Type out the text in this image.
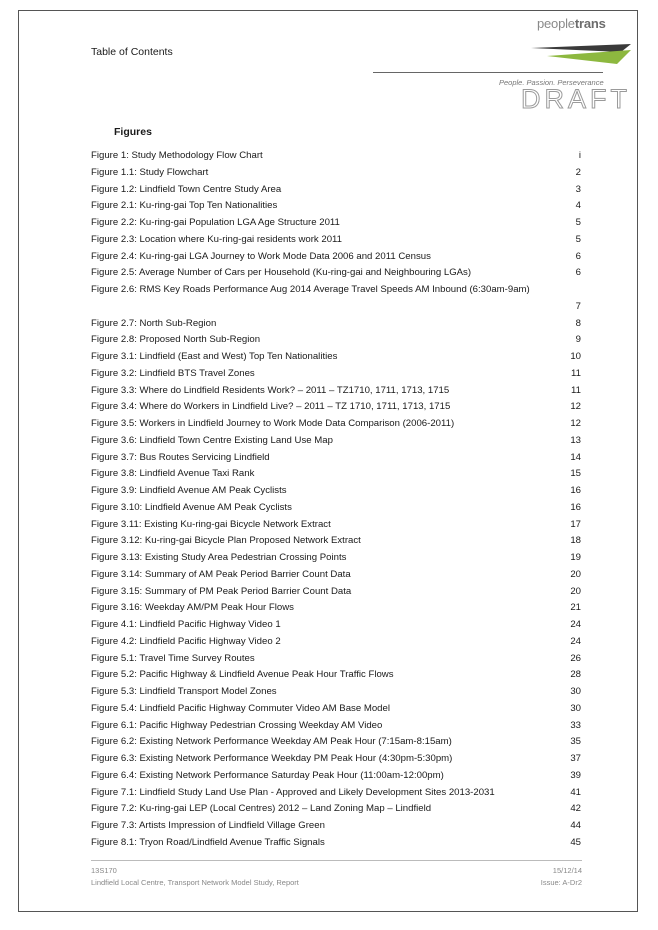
Table of Contents
peopletrans
People. Passion. Perseverance
DRAFT
Figures
Figure 1: Study Methodology Flow Chart	i
Figure 1.1: Study Flowchart	2
Figure 1.2: Lindfield Town Centre Study Area	3
Figure 2.1: Ku-ring-gai Top Ten Nationalities	4
Figure 2.2: Ku-ring-gai Population LGA Age Structure 2011	5
Figure 2.3: Location where Ku-ring-gai residents work 2011	5
Figure 2.4: Ku-ring-gai LGA Journey to Work Mode Data 2006 and 2011 Census	6
Figure 2.5: Average Number of Cars per Household (Ku-ring-gai and Neighbouring LGAs)	6
Figure 2.6: RMS Key Roads Performance Aug 2014 Average Travel Speeds AM Inbound (6:30am-9am)
7
Figure 2.7: North Sub-Region	8
Figure 2.8: Proposed North Sub-Region	9
Figure 3.1: Lindfield (East and West) Top Ten Nationalities	10
Figure 3.2: Lindfield BTS Travel Zones	11
Figure 3.3: Where do Lindfield Residents Work? – 2011 – TZ1710, 1711, 1713, 1715	11
Figure 3.4: Where do Workers in Lindfield Live? – 2011 – TZ 1710, 1711, 1713, 1715	12
Figure 3.5: Workers in Lindfield Journey to Work Mode Data Comparison (2006-2011)	12
Figure 3.6: Lindfield Town Centre Existing Land Use Map	13
Figure 3.7: Bus Routes Servicing Lindfield	14
Figure 3.8: Lindfield Avenue Taxi Rank	15
Figure 3.9: Lindfield Avenue AM Peak Cyclists	16
Figure 3.10: Lindfield Avenue AM Peak Cyclists	16
Figure 3.11: Existing Ku-ring-gai Bicycle Network Extract	17
Figure 3.12: Ku-ring-gai Bicycle Plan Proposed Network Extract	18
Figure 3.13: Existing Study Area Pedestrian Crossing Points	19
Figure 3.14: Summary of AM Peak Period Barrier Count Data	20
Figure 3.15: Summary of PM Peak Period Barrier Count Data	20
Figure 3.16: Weekday AM/PM Peak Hour Flows	21
Figure 4.1: Lindfield Pacific Highway Video 1	24
Figure 4.2: Lindfield Pacific Highway Video 2	24
Figure 5.1: Travel Time Survey Routes	26
Figure 5.2: Pacific Highway & Lindfield Avenue Peak Hour Traffic Flows	28
Figure 5.3: Lindfield Transport Model Zones	30
Figure 5.4: Lindfield Pacific Highway Commuter Video AM Base Model	30
Figure 6.1: Pacific Highway Pedestrian Crossing Weekday AM Video	33
Figure 6.2: Existing Network Performance Weekday AM Peak Hour (7:15am-8:15am)	35
Figure 6.3: Existing Network Performance Weekday PM Peak Hour (4:30pm-5:30pm)	37
Figure 6.4: Existing Network Performance Saturday Peak Hour (11:00am-12:00pm)	39
Figure 7.1: Lindfield Study Land Use Plan - Approved and Likely Development Sites 2013-2031	41
Figure 7.2: Ku-ring-gai LEP (Local Centres) 2012 – Land Zoning Map – Lindfield	42
Figure 7.3: Artists Impression of Lindfield Village Green	44
Figure 8.1: Tryon Road/Lindfield Avenue Traffic Signals	45
13S170
Lindfield Local Centre, Transport Network Model Study, Report
15/12/14
Issue: A-Dr2
